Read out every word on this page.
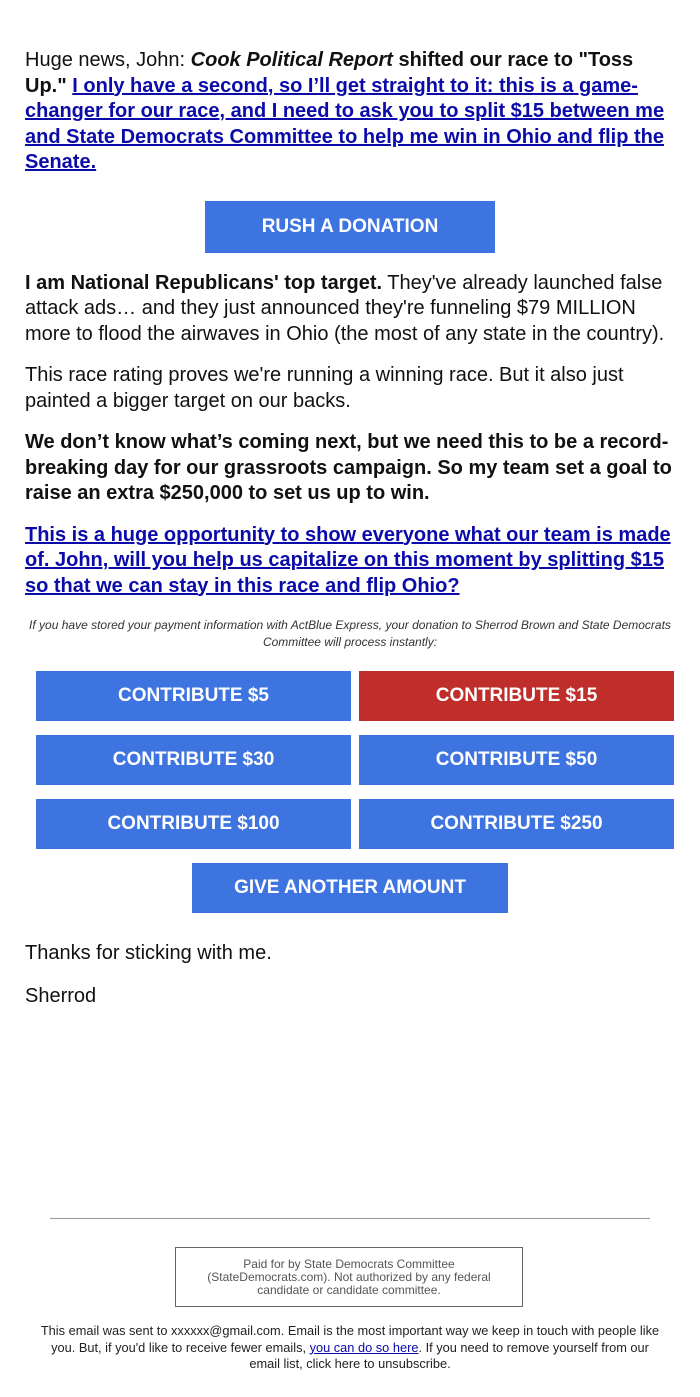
Huge news, John: Cook Political Report shifted our race to "Toss Up." I only have a second, so I’ll get straight to it: this is a game-changer for our race, and I need to ask you to split $15 between me and State Democrats Committee to help me win in Ohio and flip the Senate.

RUSH A DONATION

I am National Republicans' top target. They've already launched false attack ads… and they just announced they're funneling $79 MILLION more to flood the airwaves in Ohio (the most of any state in the country).

This race rating proves we're running a winning race. But it also just painted a bigger target on our backs.

We don’t know what’s coming next, but we need this to be a record-breaking day for our grassroots campaign. So my team set a goal to raise an extra $250,000 to set us up to win.

This is a huge opportunity to show everyone what our team is made of. John, will you help us capitalize on this moment by splitting $15 so that we can stay in this race and flip Ohio?

If you have stored your payment information with ActBlue Express, your donation to Sherrod Brown and State Democrats Committee will process instantly:
CONTRIBUTE $5	CONTRIBUTE $15
CONTRIBUTE $30	CONTRIBUTE $50
CONTRIBUTE $100	CONTRIBUTE $250
GIVE ANOTHER AMOUNT

Thanks for sticking with me.

Sherrod

Paid for by State Democrats Committee (StateDemocrats.com). Not authorized by any federal candidate or candidate committee.
This email was sent to xxxxxx@gmail.com. Email is the most important way we keep in touch with people like you. But, if you'd like to receive fewer emails, you can do so here. If you need to remove yourself from our email list, click here to unsubscribe.
